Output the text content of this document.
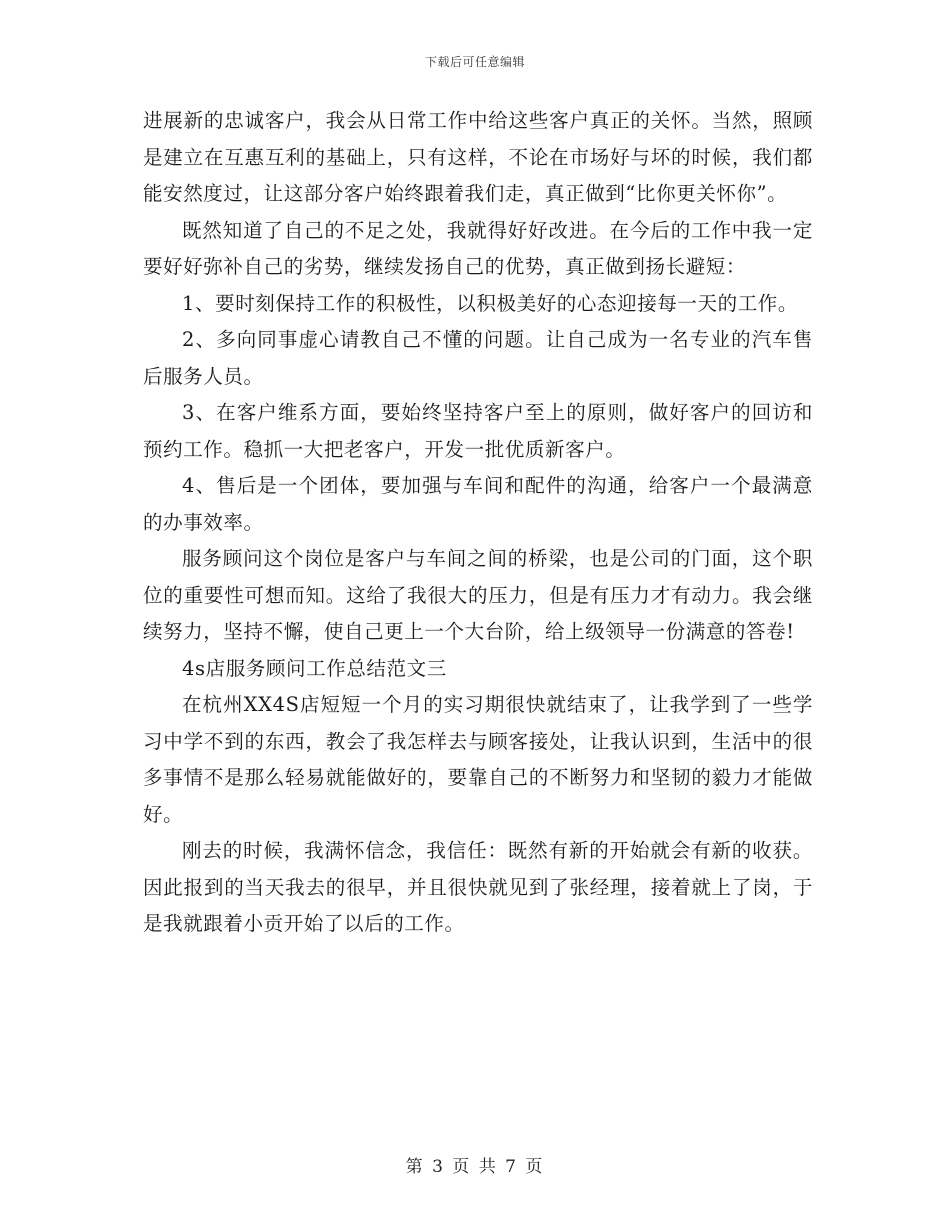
下载后可任意编辑

进展新的忠诚客户，我会从日常工作中给这些客户真正的关怀。当然，照顾是建立在互惠互利的基础上，只有这样，不论在市场好与坏的时候，我们都能安然度过，让这部分客户始终跟着我们走，真正做到“比你更关怀你”。

既然知道了自己的不足之处，我就得好好改进。在今后的工作中我一定要好好弥补自己的劣势，继续发扬自己的优势，真正做到扬长避短：

1、要时刻保持工作的积极性，以积极美好的心态迎接每一天的工作。

2、多向同事虚心请教自己不懂的问题。让自己成为一名专业的汽车售后服务人员。

3、在客户维系方面，要始终坚持客户至上的原则，做好客户的回访和预约工作。稳抓一大把老客户，开发一批优质新客户。

4、售后是一个团体，要加强与车间和配件的沟通，给客户一个最满意的办事效率。

服务顾问这个岗位是客户与车间之间的桥梁，也是公司的门面，这个职位的重要性可想而知。这给了我很大的压力，但是有压力才有动力。我会继续努力，坚持不懈，使自己更上一个大台阶，给上级领导一份满意的答卷!

4s店服务顾问工作总结范文三

在杭州XX4S店短短一个月的实习期很快就结束了，让我学到了一些学习中学不到的东西，教会了我怎样去与顾客接处，让我认识到，生活中的很多事情不是那么轻易就能做好的，要靠自己的不断努力和坚韧的毅力才能做好。

刚去的时候，我满怀信念，我信任：既然有新的开始就会有新的收获。因此报到的当天我去的很早，并且很快就见到了张经理，接着就上了岗，于是我就跟着小贡开始了以后的工作。

第 3 页 共 7 页
